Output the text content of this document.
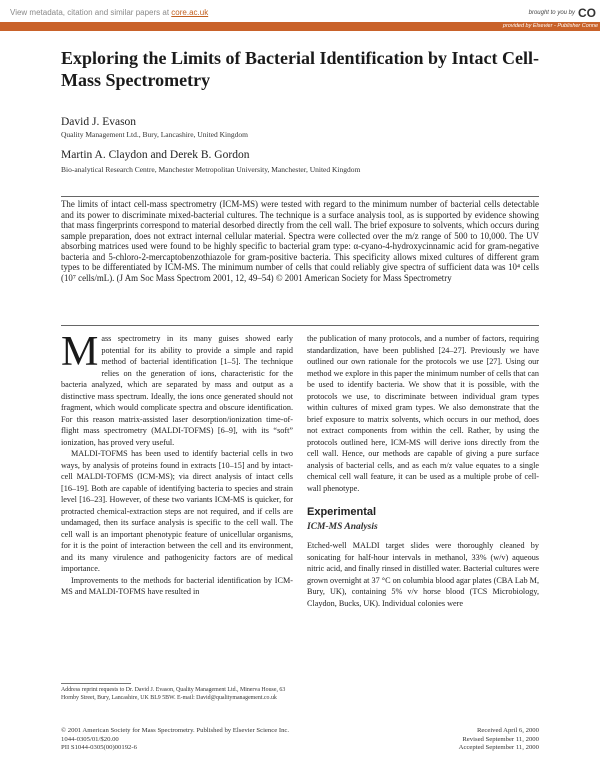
View metadata, citation and similar papers at core.ac.uk	brought to you by CO
provided by Elsevier - Publisher Conne
Exploring the Limits of Bacterial Identification by Intact Cell-Mass Spectrometry

David J. Evason

Quality Management Ltd., Bury, Lancashire, United Kingdom

Martin A. Claydon and Derek B. Gordon

Bio-analytical Research Centre, Manchester Metropolitan University, Manchester, United Kingdom

The limits of intact cell-mass spectrometry (ICM-MS) were tested with regard to the minimum number of bacterial cells detectable and its power to discriminate mixed-bacterial cultures. The technique is a surface analysis tool, as is supported by evidence showing that mass fingerprints correspond to material desorbed directly from the cell wall. The brief exposure to solvents, which occurs during sample preparation, does not extract internal cellular material. Spectra were collected over the m/z range of 500 to 10,000. The UV absorbing matrices used were found to be highly specific to bacterial gram type: α-cyano-4-hydroxycinnamic acid for gram-negative bacteria and 5-chloro-2-mercaptobenzothiazole for gram-positive bacteria. This specificity allows mixed cultures of different gram types to be differentiated by ICM-MS. The minimum number of cells that could reliably give spectra of sufficient data was 10⁴ cells (10⁷ cells/mL). (J Am Soc Mass Spectrom 2001, 12, 49–54) © 2001 American Society for Mass Spectrometry

Mass spectrometry in its many guises showed early potential for its ability to provide a simple and rapid method of bacterial identification [1–5]. The technique relies on the generation of ions, characteristic for the bacteria analyzed, which are separated by mass and output as a distinctive mass spectrum. Ideally, the ions once generated should not fragment, which would complicate spectra and obscure identification. For this reason matrix-assisted laser desorption/ionization time-of-flight mass spectrometry (MALDI-TOFMS) [6–9], with its “soft” ionization, has proved very useful.

MALDI-TOFMS has been used to identify bacterial cells in two ways, by analysis of proteins found in extracts [10–15] and by intact-cell MALDI-TOFMS (ICM-MS); via direct analysis of intact cells [16–19]. Both are capable of identifying bacteria to species and strain level [16–23]. However, of these two variants ICM-MS is quicker, for protracted chemical-extraction steps are not required, and if cells are undamaged, then its surface analysis is specific to the cell wall. The cell wall is an important phenotypic feature of unicellular organisms, for it is the point of interaction between the cell and its environment, and its many virulence and pathogenicity factors are of medical importance.

Improvements to the methods for bacterial identification by ICM-MS and MALDI-TOFMS have resulted in

the publication of many protocols, and a number of factors, requiring standardization, have been published [24–27]. Previously we have outlined our own rationale for the protocols we use [27]. Using our method we explore in this paper the minimum number of cells that can be used to identify bacteria. We show that it is possible, with the protocols we use, to discriminate between individual gram types within cultures of mixed gram types. We also demonstrate that the brief exposure to matrix solvents, which occurs in our method, does not extract components from within the cell. Rather, by using the protocols outlined here, ICM-MS will derive ions directly from the cell wall. Hence, our methods are capable of giving a pure surface analysis of bacterial cells, and as each m/z value equates to a single chemical cell wall feature, it can be used as a multiple probe of cell-wall phenotype.

Experimental
ICM-MS Analysis

Etched-well MALDI target slides were thoroughly cleaned by sonicating for half-hour intervals in methanol, 33% (w/v) aqueous nitric acid, and finally rinsed in distilled water. Bacterial cultures were grown overnight at 37 °C on columbia blood agar plates (CBA Lab M, Bury, UK), containing 5% v/v horse blood (TCS Microbiology, Claydon, Bucks, UK). Individual colonies were

Address reprint requests to Dr. David J. Evason, Quality Management Ltd., Minerva House, 63 Hornby Street, Bury, Lancashire, UK BL9 5BW. E-mail: David@qualitymanagement.co.uk

© 2001 American Society for Mass Spectrometry. Published by Elsevier Science Inc.
1044-0305/01/$20.00
PII S1044-0305(00)00192-6
Received April 6, 2000
Revised September 11, 2000
Accepted September 11, 2000
